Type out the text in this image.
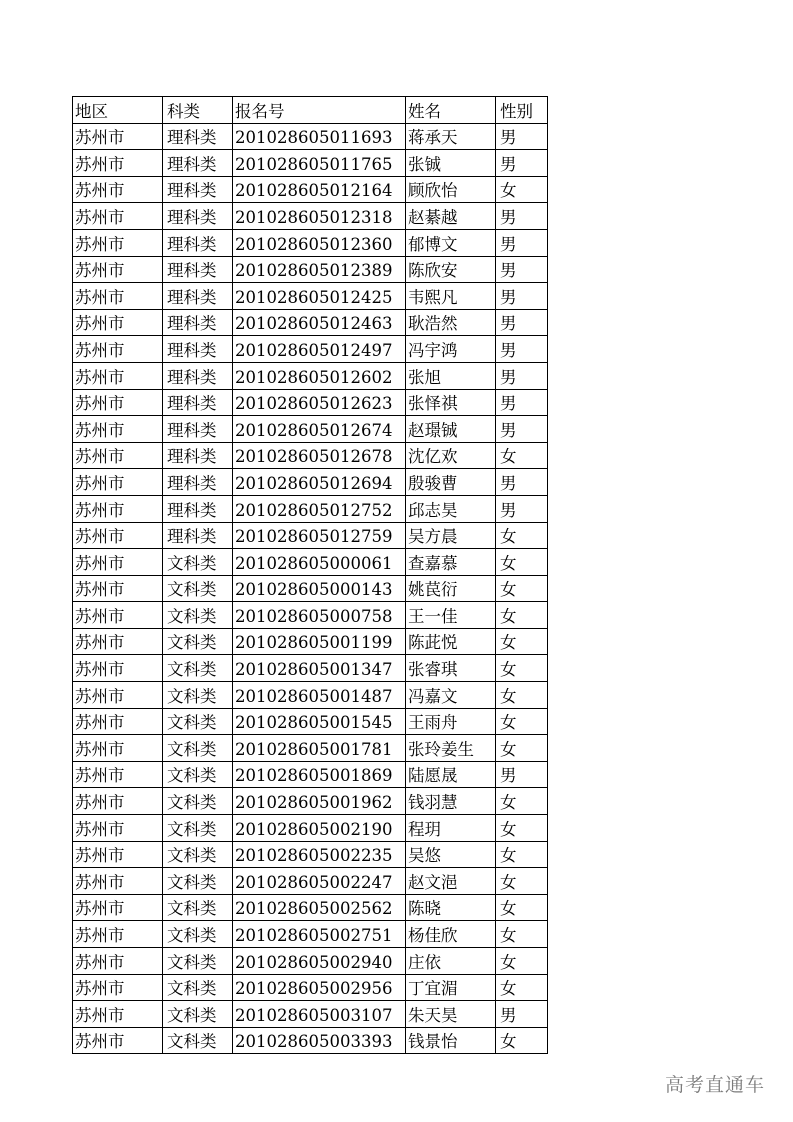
地区	科类	报名号	姓名	性别
苏州市	理科类	201028605011693	蒋承天	男
苏州市	理科类	201028605011765	张铖	男
苏州市	理科类	201028605012164	顾欣怡	女
苏州市	理科类	201028605012318	赵綦越	男
苏州市	理科类	201028605012360	郁博文	男
苏州市	理科类	201028605012389	陈欣安	男
苏州市	理科类	201028605012425	韦熙凡	男
苏州市	理科类	201028605012463	耿浩然	男
苏州市	理科类	201028605012497	冯宇鸿	男
苏州市	理科类	201028605012602	张旭	男
苏州市	理科类	201028605012623	张怿祺	男
苏州市	理科类	201028605012674	赵璟铖	男
苏州市	理科类	201028605012678	沈亿欢	女
苏州市	理科类	201028605012694	殷骏曹	男
苏州市	理科类	201028605012752	邱志昊	男
苏州市	理科类	201028605012759	吴方晨	女
苏州市	文科类	201028605000061	查嘉慕	女
苏州市	文科类	201028605000143	姚苠衍	女
苏州市	文科类	201028605000758	王一佳	女
苏州市	文科类	201028605001199	陈茈悦	女
苏州市	文科类	201028605001347	张睿琪	女
苏州市	文科类	201028605001487	冯嘉文	女
苏州市	文科类	201028605001545	王雨舟	女
苏州市	文科类	201028605001781	张玲姜生	女
苏州市	文科类	201028605001869	陆愿晟	男
苏州市	文科类	201028605001962	钱羽慧	女
苏州市	文科类	201028605002190	程玥	女
苏州市	文科类	201028605002235	吴悠	女
苏州市	文科类	201028605002247	赵文浥	女
苏州市	文科类	201028605002562	陈晓	女
苏州市	文科类	201028605002751	杨佳欣	女
苏州市	文科类	201028605002940	庄依	女
苏州市	文科类	201028605002956	丁宜湄	女
苏州市	文科类	201028605003107	朱天昊	男
苏州市	文科类	201028605003393	钱景怡	女
高考直通车
